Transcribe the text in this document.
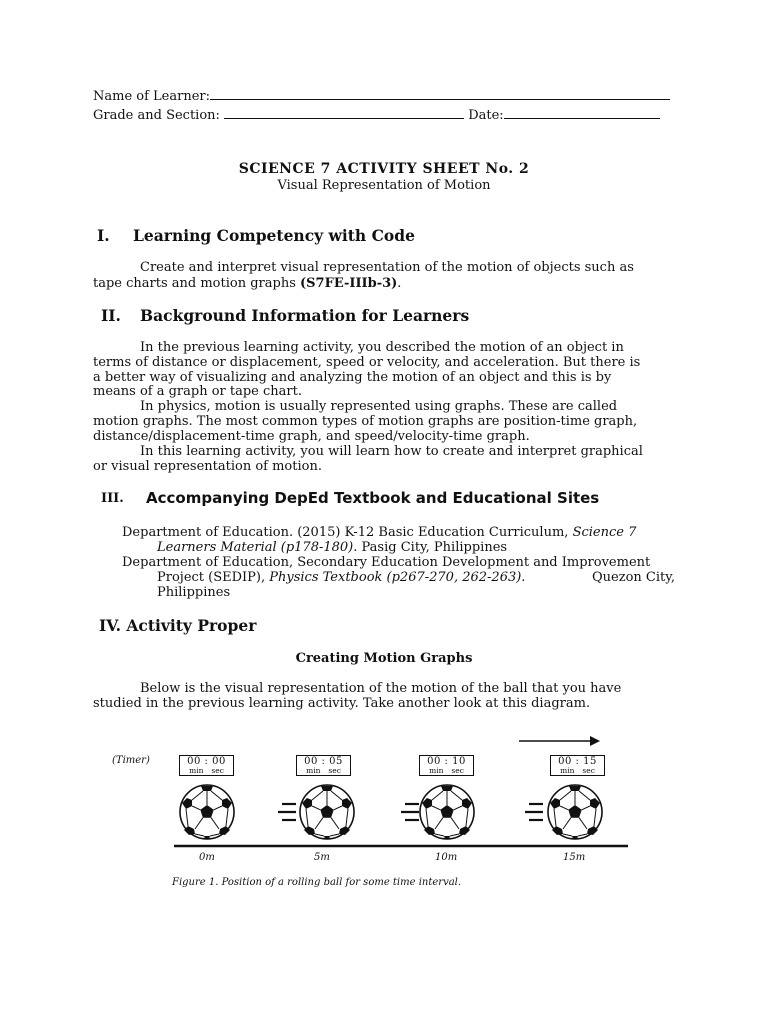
Name of Learner:
Grade and Section:	Date:
SCIENCE 7 ACTIVITY SHEET No. 2
Visual Representation of Motion
I. Learning Competency with Code
Create and interpret visual representation of the motion of objects such as
tape charts and motion graphs (S7FE-IIIb-3).
II. Background Information for Learners
In the previous learning activity, you described the motion of an object in
terms of distance or displacement, speed or velocity, and acceleration. But there is
a better way of visualizing and analyzing the motion of an object and this is by
means of a graph or tape chart.
In physics, motion is usually represented using graphs. These are called
motion graphs. The most common types of motion graphs are position-time graph,
distance/displacement-time graph, and speed/velocity-time graph.
In this learning activity, you will learn how to create and interpret graphical
or visual representation of motion.
III. Accompanying DepEd Textbook and Educational Sites
Department of Education. (2015) K-12 Basic Education Curriculum, Science 7
Learners Material (p178-180). Pasig City, Philippines
Department of Education, Secondary Education Development and Improvement
Project (SEDIP), Physics Textbook (p267-270, 262-263).	Quezon City,
Philippines
IV. Activity Proper
Creating Motion Graphs
Below is the visual representation of the motion of the ball that you have
studied in the previous learning activity. Take another look at this diagram.
(Timer)	00 : 00
min sec
00 : 05
min sec
00 : 10
min sec
00 : 15
min sec
0m	5m	10m	15m
Figure 1. Position of a rolling ball for some time interval.
